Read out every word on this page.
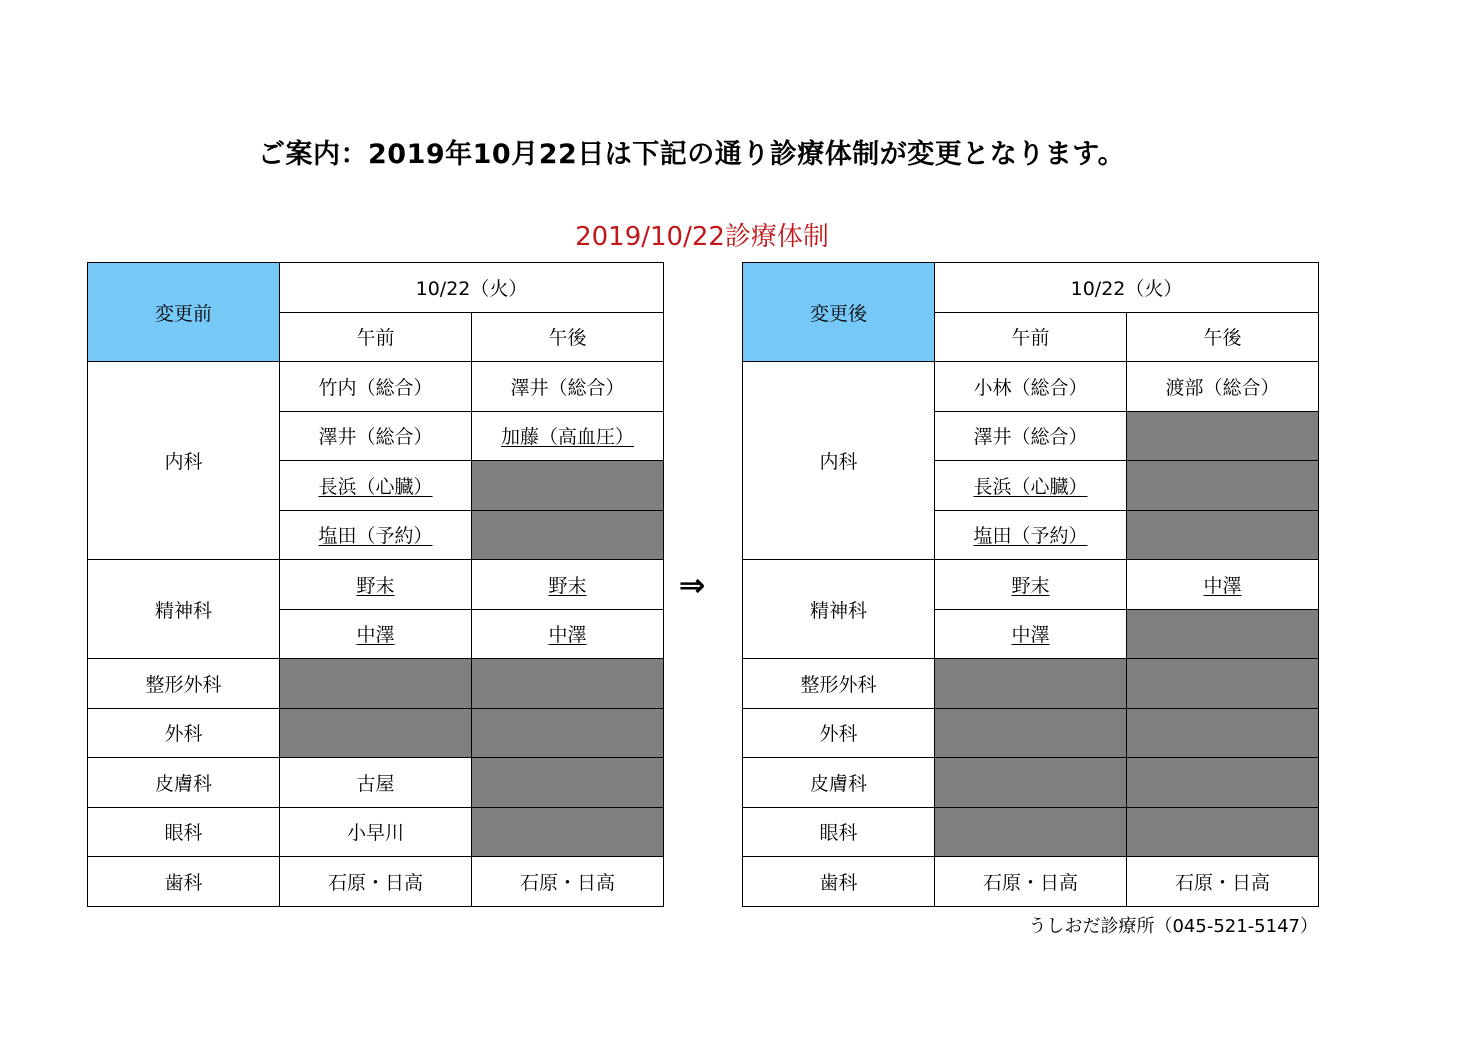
ご案内：2019年10月22日は下記の通り診療体制が変更となります。
2019/10/22診療体制
変更前	10/22（火）	
	午前	午後
内科	竹内（総合）	澤井（総合）
	澤井（総合）	加藤（高血圧）
	長浜（心臓）	
	塩田（予約）	
精神科	野末	野末
	中澤	中澤
整形外科		
外科		
皮膚科	古屋	
眼科	小早川	
歯科	石原・日高	石原・日高
⇒
変更後	10/22（火）	
	午前	午後
内科	小林（総合）	渡部（総合）
	澤井（総合）	
	長浜（心臓）	
	塩田（予約）	
精神科	野末	中澤
	中澤	
整形外科		
外科		
皮膚科		
眼科		
歯科	石原・日高	石原・日高
うしおだ診療所（045-521-5147）
